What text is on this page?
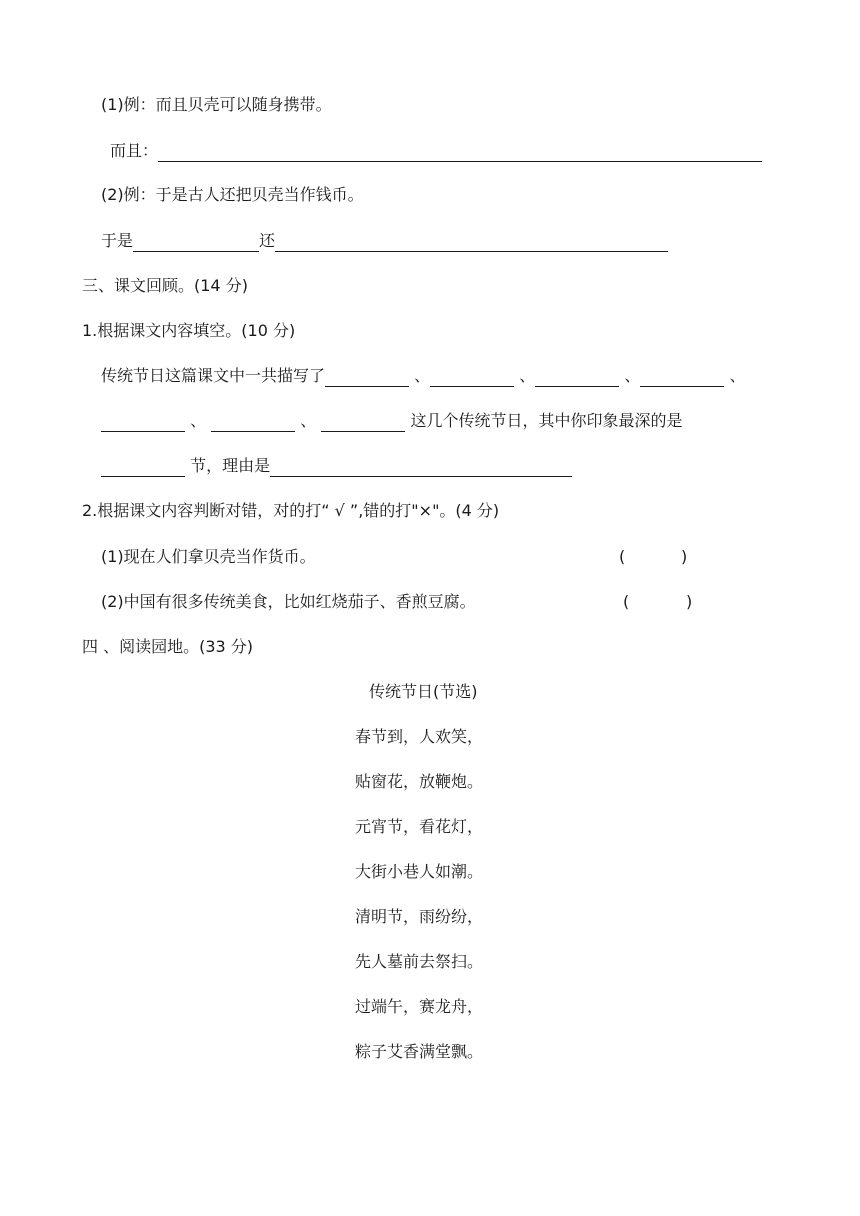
(1)例：而且贝壳可以随身携带。
而且：
(2)例：于是古人还把贝壳当作钱币。
于是	还
三、课文回顾。(14 分)
1.根据课文内容填空。(10 分)
传统节日这篇课文中一共描写了	、	、	、	、
、	、	这几个传统节日，其中你印象最深的是
节，理由是
2.根据课文内容判断对错，对的打“ √ ”,错的打"×"。(4 分)
(1)现在人们拿贝壳当作货币。	(	)
(2)中国有很多传统美食，比如红烧茄子、香煎豆腐。	(	)
四 、阅读园地。(33 分)
传统节日(节选)
春节到，人欢笑，
贴窗花，放鞭炮。
元宵节，看花灯，
大街小巷人如潮。
清明节，雨纷纷，
先人墓前去祭扫。
过端午，赛龙舟，
粽子艾香满堂飘。
